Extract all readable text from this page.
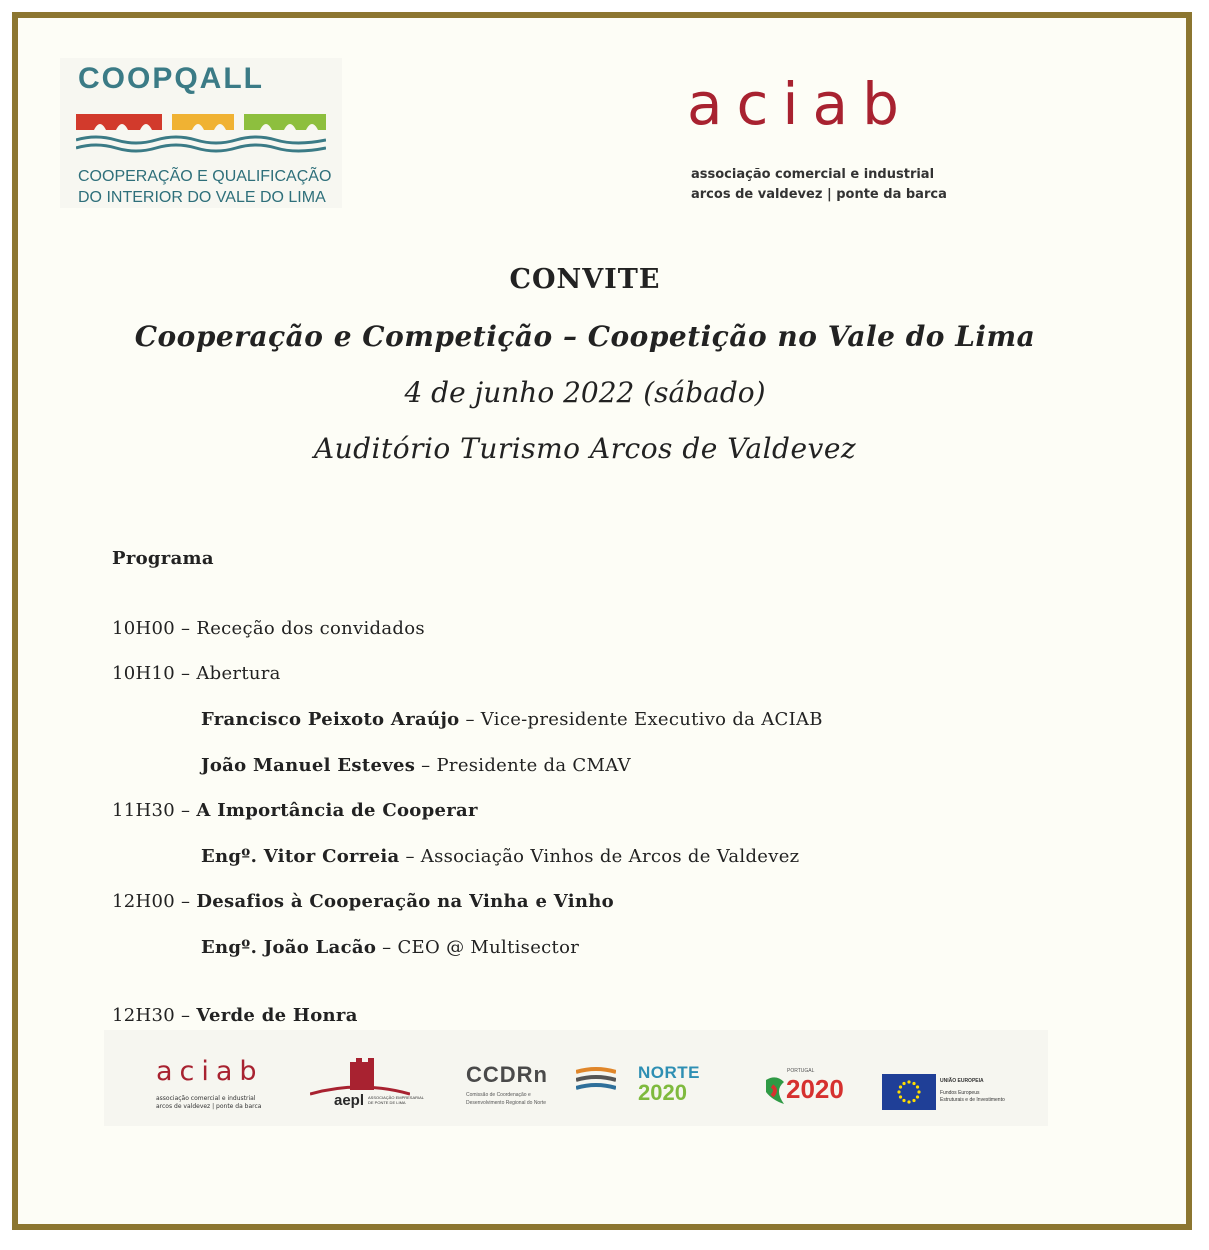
COOPQALL
COOPERAÇÃO E QUALIFICAÇÃO
DO INTERIOR DO VALE DO LIMA
aciab
associação comercial e industrial
arcos de valdevez | ponte da barca
CONVITE
Cooperação e Competição – Coopetição no Vale do Lima
4 de junho 2022 (sábado)
Auditório Turismo Arcos de Valdevez
Programa
10H00 – Receção dos convidados
10H10 – Abertura
Francisco Peixoto Araújo – Vice-presidente Executivo da ACIAB
João Manuel Esteves – Presidente da CMAV
11H30 – A Importância de Cooperar
Engº. Vitor Correia – Associação Vinhos de Arcos de Valdevez
12H00 – Desafios à Cooperação na Vinha e Vinho
Engº. João Lacão – CEO @ Multisector
12H30 – Verde de Honra
aciab
associação comercial e industrial
arcos de valdevez | ponte da barca	aepl ASSOCIAÇÃO EMPRESARIAL DE PONTE DE LIMA
CCDRn
Comissão de Coordenação e
Desenvolvimento Regional do Norte
NORTE
2020
PORTUGAL
2020	UNIÃO EUROPEIA
Fundos Europeus
Estruturais e de Investimento
